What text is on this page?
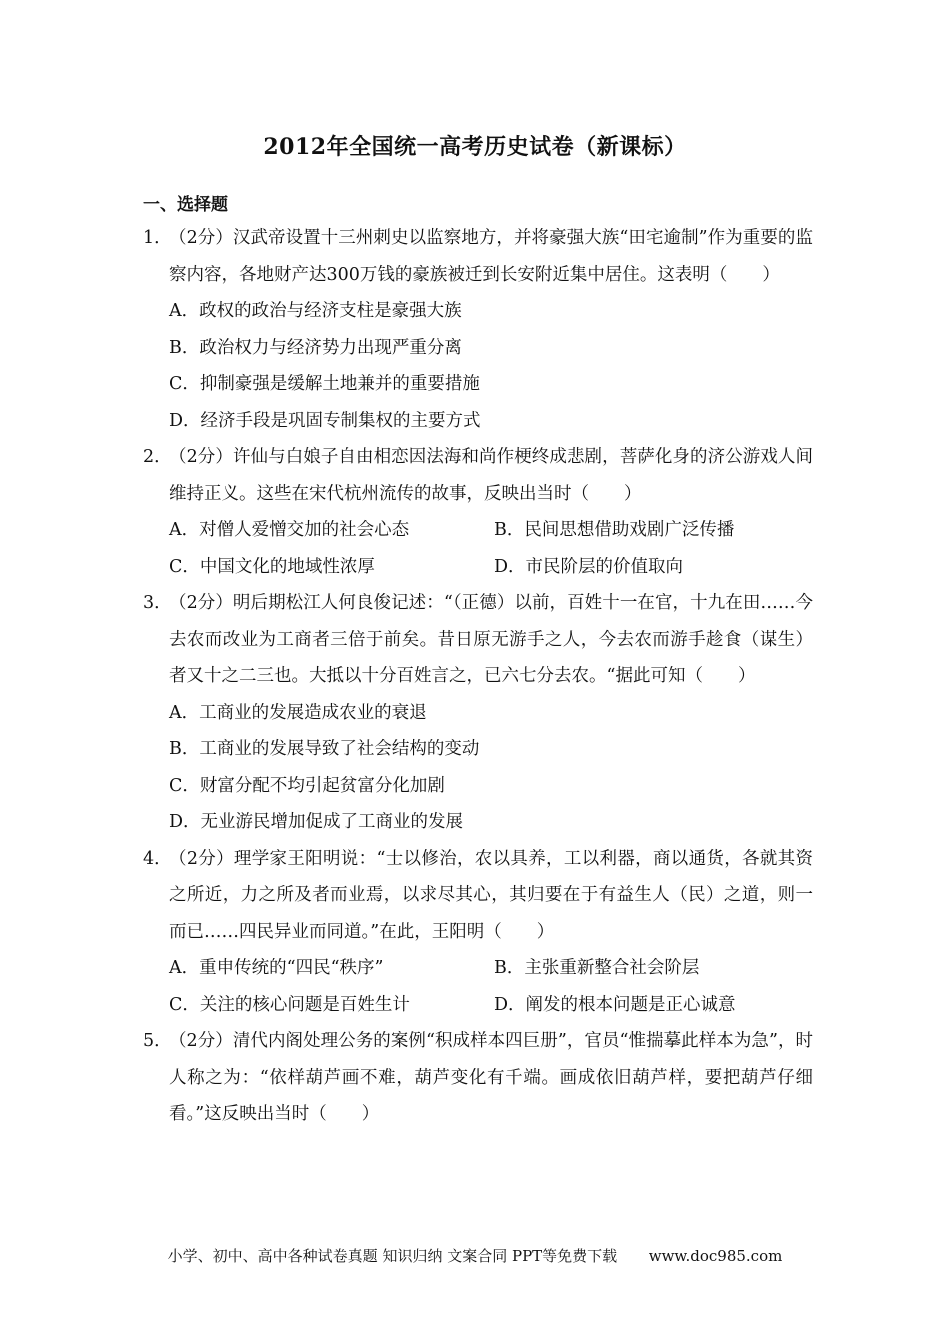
2012年全国统一高考历史试卷（新课标）
一、选择题
1．
（2分）汉武帝设置十三州刺史以监察地方，并将豪强大族“田宅逾制”作为重要的监察内容，各地财产达300万钱的豪族被迁到长安附近集中居住。这表明（　　）
A．政权的政治与经济支柱是豪强大族
B．政治权力与经济势力出现严重分离
C．抑制豪强是缓解土地兼并的重要措施
D．经济手段是巩固专制集权的主要方式
2．
（2分）许仙与白娘子自由相恋因法海和尚作梗终成悲剧，菩萨化身的济公游戏人间维持正义。这些在宋代杭州流传的故事，反映出当时（　　）
A．对僧人爱憎交加的社会心态	B．民间思想借助戏剧广泛传播
C．中国文化的地域性浓厚	D．市民阶层的价值取向
3．
（2分）明后期松江人何良俊记述：“（正德）以前，百姓十一在官，十九在田……今去农而改业为工商者三倍于前矣。昔日原无游手之人，今去农而游手趁食（谋生）者又十之二三也。大抵以十分百姓言之，已六七分去农。“据此可知（　　）
A．工商业的发展造成农业的衰退
B．工商业的发展导致了社会结构的变动
C．财富分配不均引起贫富分化加剧
D．无业游民增加促成了工商业的发展
4．
（2分）理学家王阳明说：“士以修治，农以具养，工以利器，商以通货，各就其资之所近，力之所及者而业焉，以求尽其心，其归要在于有益生人（民）之道，则一而已……四民异业而同道。”在此，王阳明（　　）
A．重申传统的“四民“秩序”	B．主张重新整合社会阶层
C．关注的核心问题是百姓生计	D．阐发的根本问题是正心诚意
5．
（2分）清代内阁处理公务的案例“积成样本四巨册”，官员“惟揣摹此样本为急”，时人称之为：“依样葫芦画不难，葫芦变化有千端。画成依旧葫芦样，要把葫芦仔细看。”这反映出当时（　　）
小学、初中、高中各种试卷真题 知识归纳 文案合同 PPT等免费下载 www.doc985.com
